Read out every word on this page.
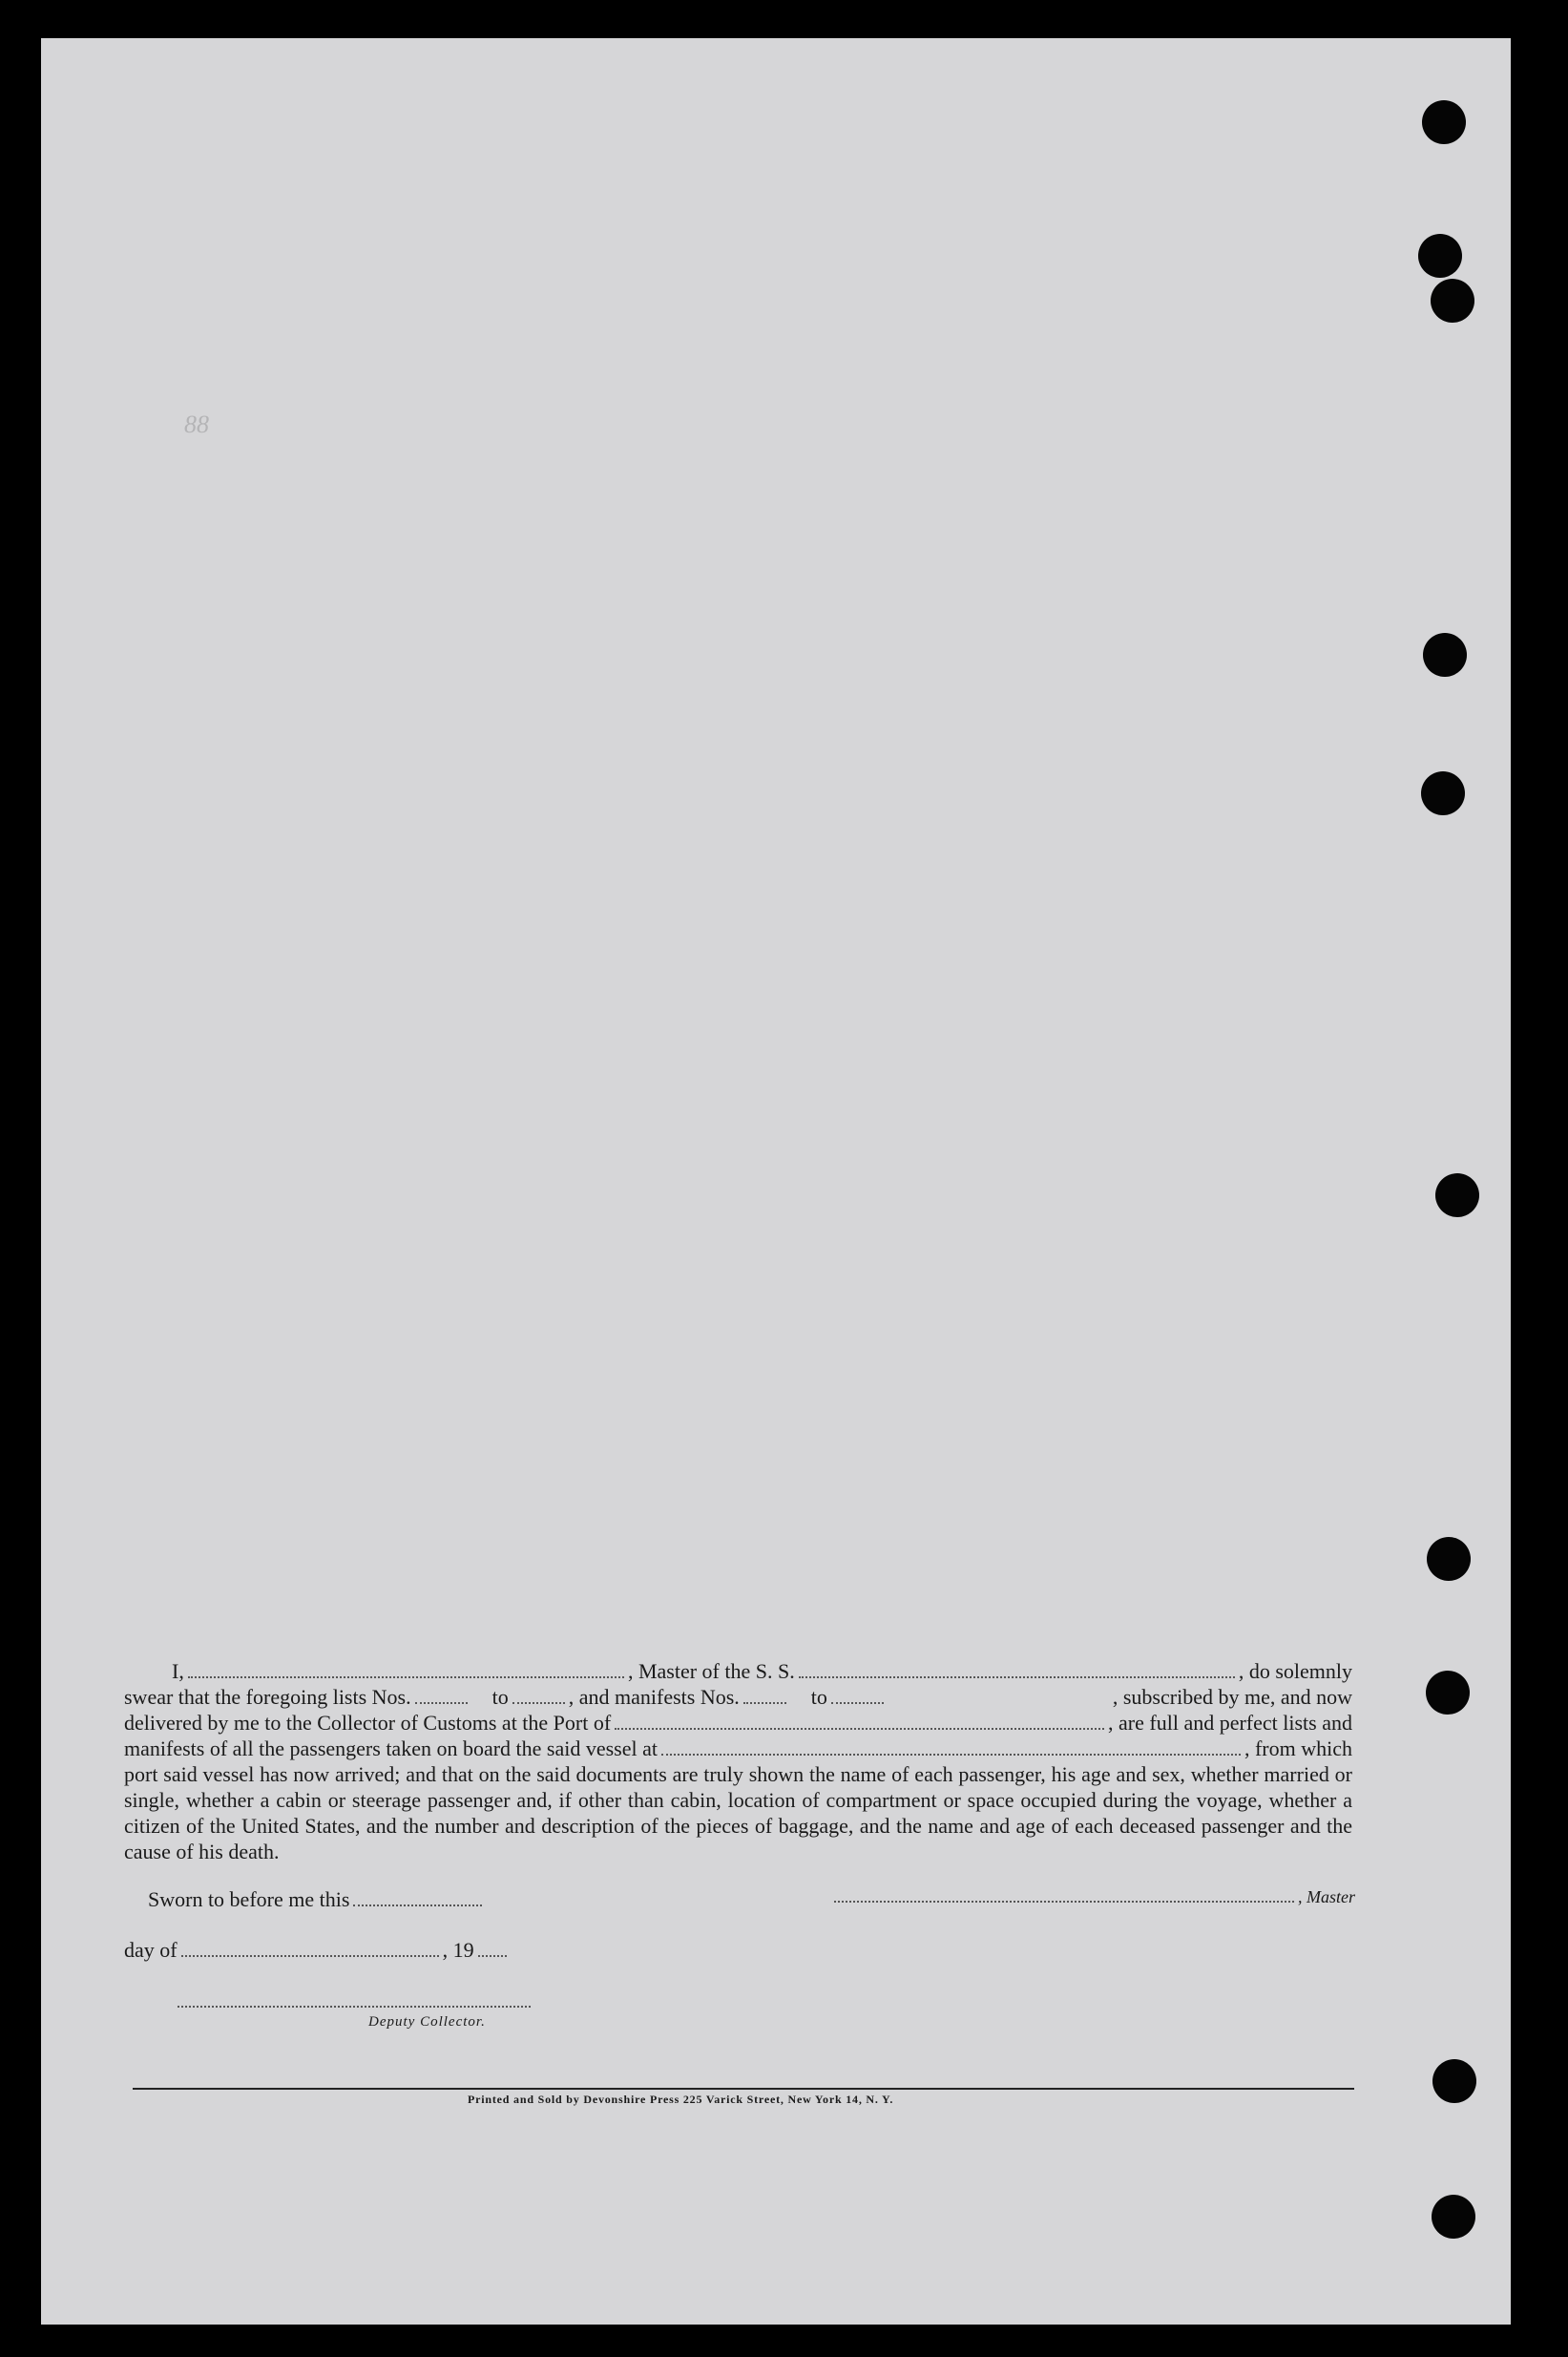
88
I,	, Master of the S. S.	, do solemnly
swear that the foregoing lists Nos.	to	, and manifests Nos.	to	, subscribed by me, and now
delivered by me to the Collector of Customs at the Port of	, are full and perfect lists and
manifests of all the passengers taken on board the said vessel at	, from which
port said vessel has now arrived; and that on the said documents are truly shown the name of each passenger, his age and sex, whether married or single, whether a cabin or steerage passenger and, if other than cabin, location of compartment or space occupied during the voyage, whether a citizen of the United States, and the number and description of the pieces of baggage, and the name and age of each deceased passenger and the cause of his death.
Sworn to before me this	, Master
day of	, 19
Deputy Collector.
Printed and Sold by Devonshire Press 225 Varick Street, New York 14, N. Y.
